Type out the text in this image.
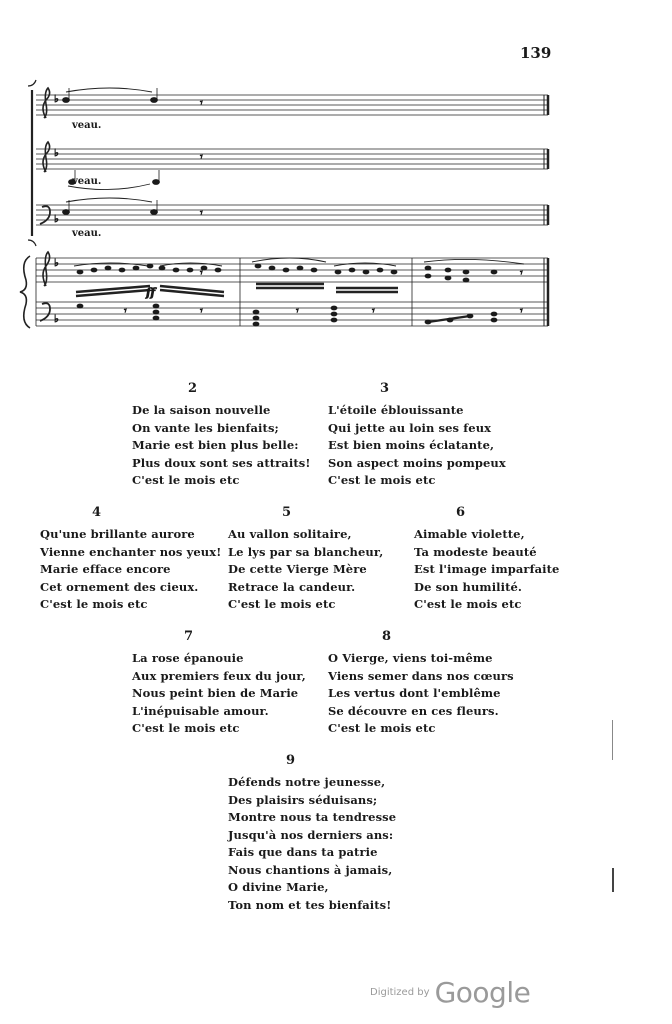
139
♭
♭
♭
♭
♭
𝄾
𝄾
𝄾
𝄾	𝄾	𝄾	𝄾	𝄾
𝄾	𝄾
ff
veau.
veau.
veau.
2
De la saison nouvelle
On vante les bienfaits;
Marie est bien plus belle:
Plus doux sont ses attraits!
C'est le mois etc
3
L'étoile éblouissante
Qui jette au loin ses feux
Est bien moins éclatante,
Son aspect moins pompeux
C'est le mois etc
4
Qu'une brillante aurore
Vienne enchanter nos yeux!
Marie efface encore
Cet ornement des cieux.
C'est le mois etc
5
Au vallon solitaire,
Le lys par sa blancheur,
De cette Vierge Mère
Retrace la candeur.
C'est le mois etc
6
Aimable violette,
Ta modeste beauté
Est l'image imparfaite
De son humilité.
C'est le mois etc
7
La rose épanouie
Aux premiers feux du jour,
Nous peint bien de Marie
L'inépuisable amour.
C'est le mois etc
8
O Vierge, viens toi-même
Viens semer dans nos cœurs
Les vertus dont l'emblême
Se découvre en ces fleurs.
C'est le mois etc
9
Défends notre jeunesse,
Des plaisirs séduisans;
Montre nous ta tendresse
Jusqu'à nos derniers ans:
Fais que dans ta patrie
Nous chantions à jamais,
O divine Marie,
Ton nom et tes bienfaits!
Digitized by Google
